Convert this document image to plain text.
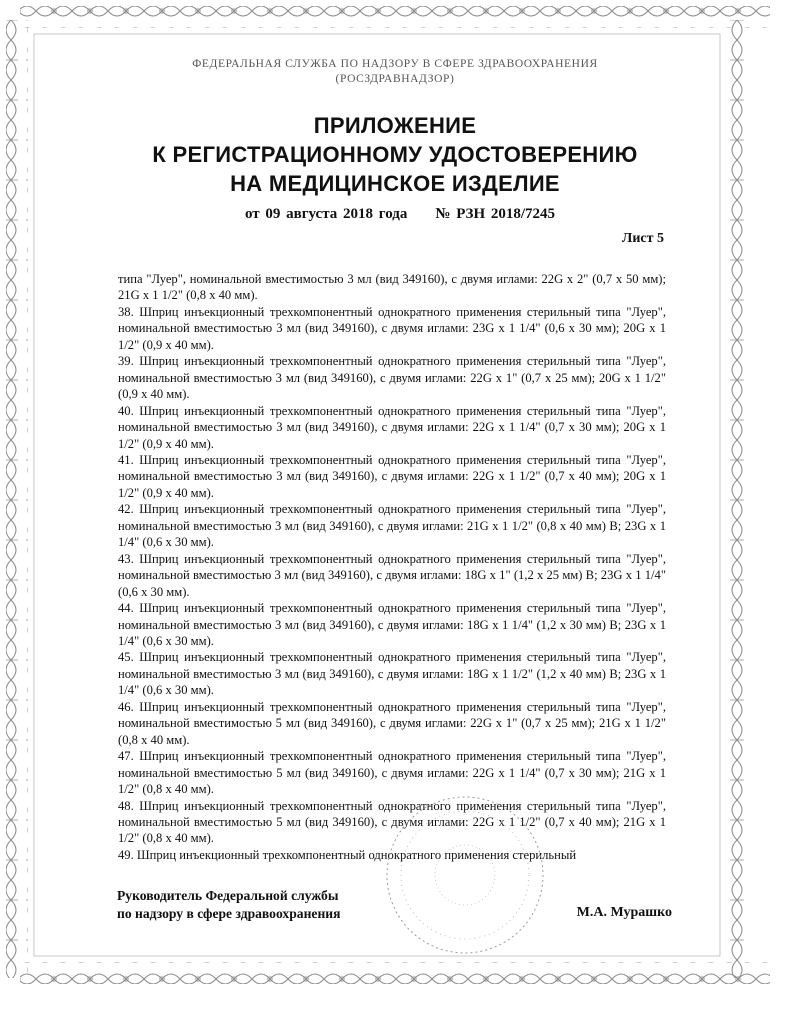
ФЕДЕРАЛЬНАЯ СЛУЖБА ПО НАДЗОРУ В СФЕРЕ ЗДРАВООХРАНЕНИЯ
(РОСЗДРАВНАДЗОР)
ПРИЛОЖЕНИЕ
К РЕГИСТРАЦИОННОМУ УДОСТОВЕРЕНИЮ
НА МЕДИЦИНСКОЕ ИЗДЕЛИЕ
от 09 августа 2018 года № РЗН 2018/7245
Лист 5

типа "Луер", номинальной вместимостью 3 мл (вид 349160), с двумя иглами: 22G x 2" (0,7 x 50 мм); 21G x 1 1/2" (0,8 x 40 мм).

38. Шприц инъекционный трехкомпонентный однократного применения стерильный типа "Луер", номинальной вместимостью 3 мл (вид 349160), с двумя иглами: 23G x 1 1/4" (0,6 x 30 мм); 20G x 1 1/2" (0,9 x 40 мм).

39. Шприц инъекционный трехкомпонентный однократного применения стерильный типа "Луер", номинальной вместимостью 3 мл (вид 349160), с двумя иглами: 22G x 1" (0,7 x 25 мм); 20G x 1 1/2" (0,9 x 40 мм).

40. Шприц инъекционный трехкомпонентный однократного применения стерильный типа "Луер", номинальной вместимостью 3 мл (вид 349160), с двумя иглами: 22G x 1 1/4" (0,7 x 30 мм); 20G x 1 1/2" (0,9 x 40 мм).

41. Шприц инъекционный трехкомпонентный однократного применения стерильный типа "Луер", номинальной вместимостью 3 мл (вид 349160), с двумя иглами: 22G x 1 1/2" (0,7 x 40 мм); 20G x 1 1/2" (0,9 x 40 мм).

42. Шприц инъекционный трехкомпонентный однократного применения стерильный типа "Луер", номинальной вместимостью 3 мл (вид 349160), с двумя иглами: 21G x 1 1/2" (0,8 x 40 мм) B; 23G x 1 1/4" (0,6 x 30 мм).

43. Шприц инъекционный трехкомпонентный однократного применения стерильный типа "Луер", номинальной вместимостью 3 мл (вид 349160), с двумя иглами: 18G x 1" (1,2 x 25 мм) B; 23G x 1 1/4" (0,6 x 30 мм).

44. Шприц инъекционный трехкомпонентный однократного применения стерильный типа "Луер", номинальной вместимостью 3 мл (вид 349160), с двумя иглами: 18G x 1 1/4" (1,2 x 30 мм) B; 23G x 1 1/4" (0,6 x 30 мм).

45. Шприц инъекционный трехкомпонентный однократного применения стерильный типа "Луер", номинальной вместимостью 3 мл (вид 349160), с двумя иглами: 18G x 1 1/2" (1,2 x 40 мм) B; 23G x 1 1/4" (0,6 x 30 мм).

46. Шприц инъекционный трехкомпонентный однократного применения стерильный типа "Луер", номинальной вместимостью 5 мл (вид 349160), с двумя иглами: 22G x 1" (0,7 x 25 мм); 21G x 1 1/2" (0,8 x 40 мм).

47. Шприц инъекционный трехкомпонентный однократного применения стерильный типа "Луер", номинальной вместимостью 5 мл (вид 349160), с двумя иглами: 22G x 1 1/4" (0,7 x 30 мм); 21G x 1 1/2" (0,8 x 40 мм).

48. Шприц инъекционный трехкомпонентный однократного применения стерильный типа "Луер", номинальной вместимостью 5 мл (вид 349160), с двумя иглами: 22G x 1 1/2" (0,7 x 40 мм); 21G x 1 1/2" (0,8 x 40 мм).

49. Шприц инъекционный трехкомпонентный однократного применения стерильный

Руководитель Федеральной службы
по надзору в сфере здравоохранения	М.А. Мурашко
